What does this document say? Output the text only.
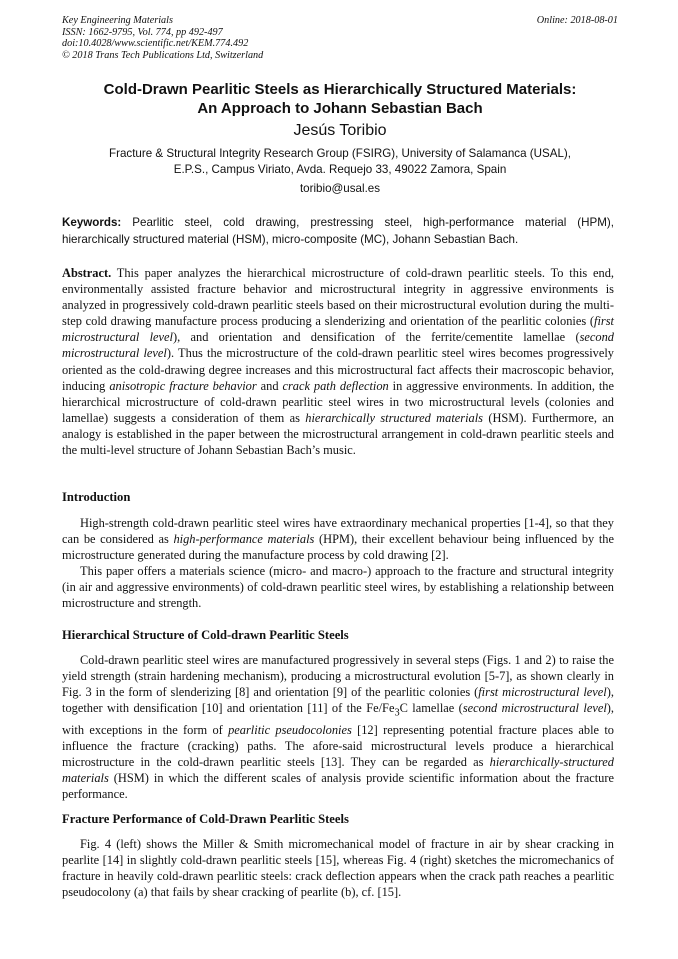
Key Engineering Materials
ISSN: 1662-9795, Vol. 774, pp 492-497
doi:10.4028/www.scientific.net/KEM.774.492
© 2018 Trans Tech Publications Ltd, Switzerland
Online: 2018-08-01
Cold-Drawn Pearlitic Steels as Hierarchically Structured Materials:
An Approach to Johann Sebastian Bach
Jesús Toribio
Fracture & Structural Integrity Research Group (FSIRG), University of Salamanca (USAL),
E.P.S., Campus Viriato, Avda. Requejo 33, 49022 Zamora, Spain
toribio@usal.es
Keywords: Pearlitic steel, cold drawing, prestressing steel, high-performance material (HPM), hierarchically structured material (HSM), micro-composite (MC), Johann Sebastian Bach.

Abstract. This paper analyzes the hierarchical microstructure of cold-drawn pearlitic steels. To this end, environmentally assisted fracture behavior and microstructural integrity in aggressive environments is analyzed in progressively cold-drawn pearlitic steels based on their microstructural evolution during the multi-step cold drawing manufacture process producing a slenderizing and orientation of the pearlitic colonies (first microstructural level), and orientation and densification of the ferrite/cementite lamellae (second microstructural level). Thus the microstructure of the cold-drawn pearlitic steel wires becomes progressively oriented as the cold-drawing degree increases and this microstructural fact affects their macroscopic behavior, inducing anisotropic fracture behavior and crack path deflection in aggressive environments. In addition, the hierarchical microstructure of cold-drawn pearlitic steel wires in two microstructural levels (colonies and lamellae) suggests a consideration of them as hierarchically structured materials (HSM). Furthermore, an analogy is established in the paper between the microstructural arrangement in cold-drawn pearlitic steels and the multi-level structure of Johann Sebastian Bach’s music.

Introduction

High-strength cold-drawn pearlitic steel wires have extraordinary mechanical properties [1-4], so that they can be considered as high-performance materials (HPM), their excellent behaviour being influenced by the microstructure generated during the manufacture process by cold drawing [2].

This paper offers a materials science (micro- and macro-) approach to the fracture and structural integrity (in air and aggressive environments) of cold-drawn pearlitic steel wires, by establishing a relationship between microstructure and strength.

Hierarchical Structure of Cold-drawn Pearlitic Steels

Cold-drawn pearlitic steel wires are manufactured progressively in several steps (Figs. 1 and 2) to raise the yield strength (strain hardening mechanism), producing a microstructural evolution [5-7], as shown clearly in Fig. 3 in the form of slenderizing [8] and orientation [9] of the pearlitic colonies (first microstructural level), together with densification [10] and orientation [11] of the $Fe/Fe_3C$ lamellae (second microstructural level), with exceptions in the form of pearlitic pseudocolonies [12] representing potential fracture places able to influence the fracture (cracking) paths. The afore-said microstructural levels produce a hierarchical microstructure in the cold-drawn pearlitic steels [13]. They can be regarded as hierarchically-structured materials (HSM) in which the different scales of analysis provide scientific information about the fracture performance.

Fracture Performance of Cold-Drawn Pearlitic Steels

Fig. 4 (left) shows the Miller & Smith micromechanical model of fracture in air by shear cracking in pearlite [14] in slightly cold-drawn pearlitic steels [15], whereas Fig. 4 (right) sketches the micromechanics of fracture in heavily cold-drawn pearlitic steels: crack deflection appears when the crack path reaches a pearlitic pseudocolony (a) that fails by shear cracking of pearlite (b), cf. [15].
